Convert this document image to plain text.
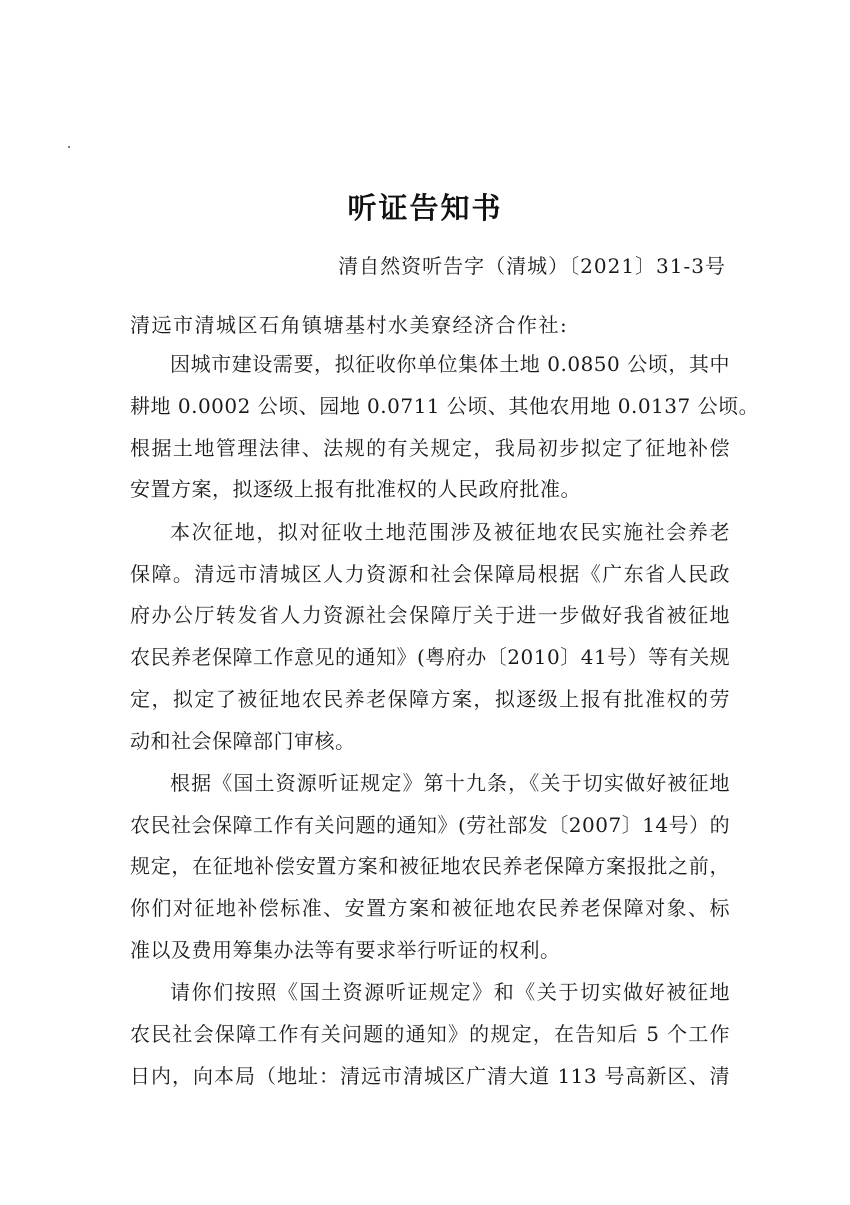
听证告知书
清自然资听告字（清城）〔2021〕31-3号
清远市清城区石角镇塘基村水美寮经济合作社:
因城市建设需要，拟征收你单位集体土地 0.0850 公顷，其中
耕地 0.0002 公顷、园地 0.0711 公顷、其他农用地 0.0137 公顷。
根据土地管理法律、法规的有关规定，我局初步拟定了征地补偿
安置方案，拟逐级上报有批准权的人民政府批准。
本次征地，拟对征收土地范围涉及被征地农民实施社会养老
保障。清远市清城区人力资源和社会保障局根据《广东省人民政
府办公厅转发省人力资源社会保障厅关于进一步做好我省被征地
农民养老保障工作意见的通知》(粤府办〔2010〕41号）等有关规
定，拟定了被征地农民养老保障方案，拟逐级上报有批准权的劳
动和社会保障部门审核。
根据《国土资源听证规定》第十九条，《关于切实做好被征地
农民社会保障工作有关问题的通知》(劳社部发〔2007〕14号）的
规定，在征地补偿安置方案和被征地农民养老保障方案报批之前，
你们对征地补偿标准、安置方案和被征地农民养老保障对象、标
准以及费用筹集办法等有要求举行听证的权利。
请你们按照《国土资源听证规定》和《关于切实做好被征地
农民社会保障工作有关问题的通知》的规定，在告知后 5 个工作
日内，向本局（地址：清远市清城区广清大道 113 号高新区、清
